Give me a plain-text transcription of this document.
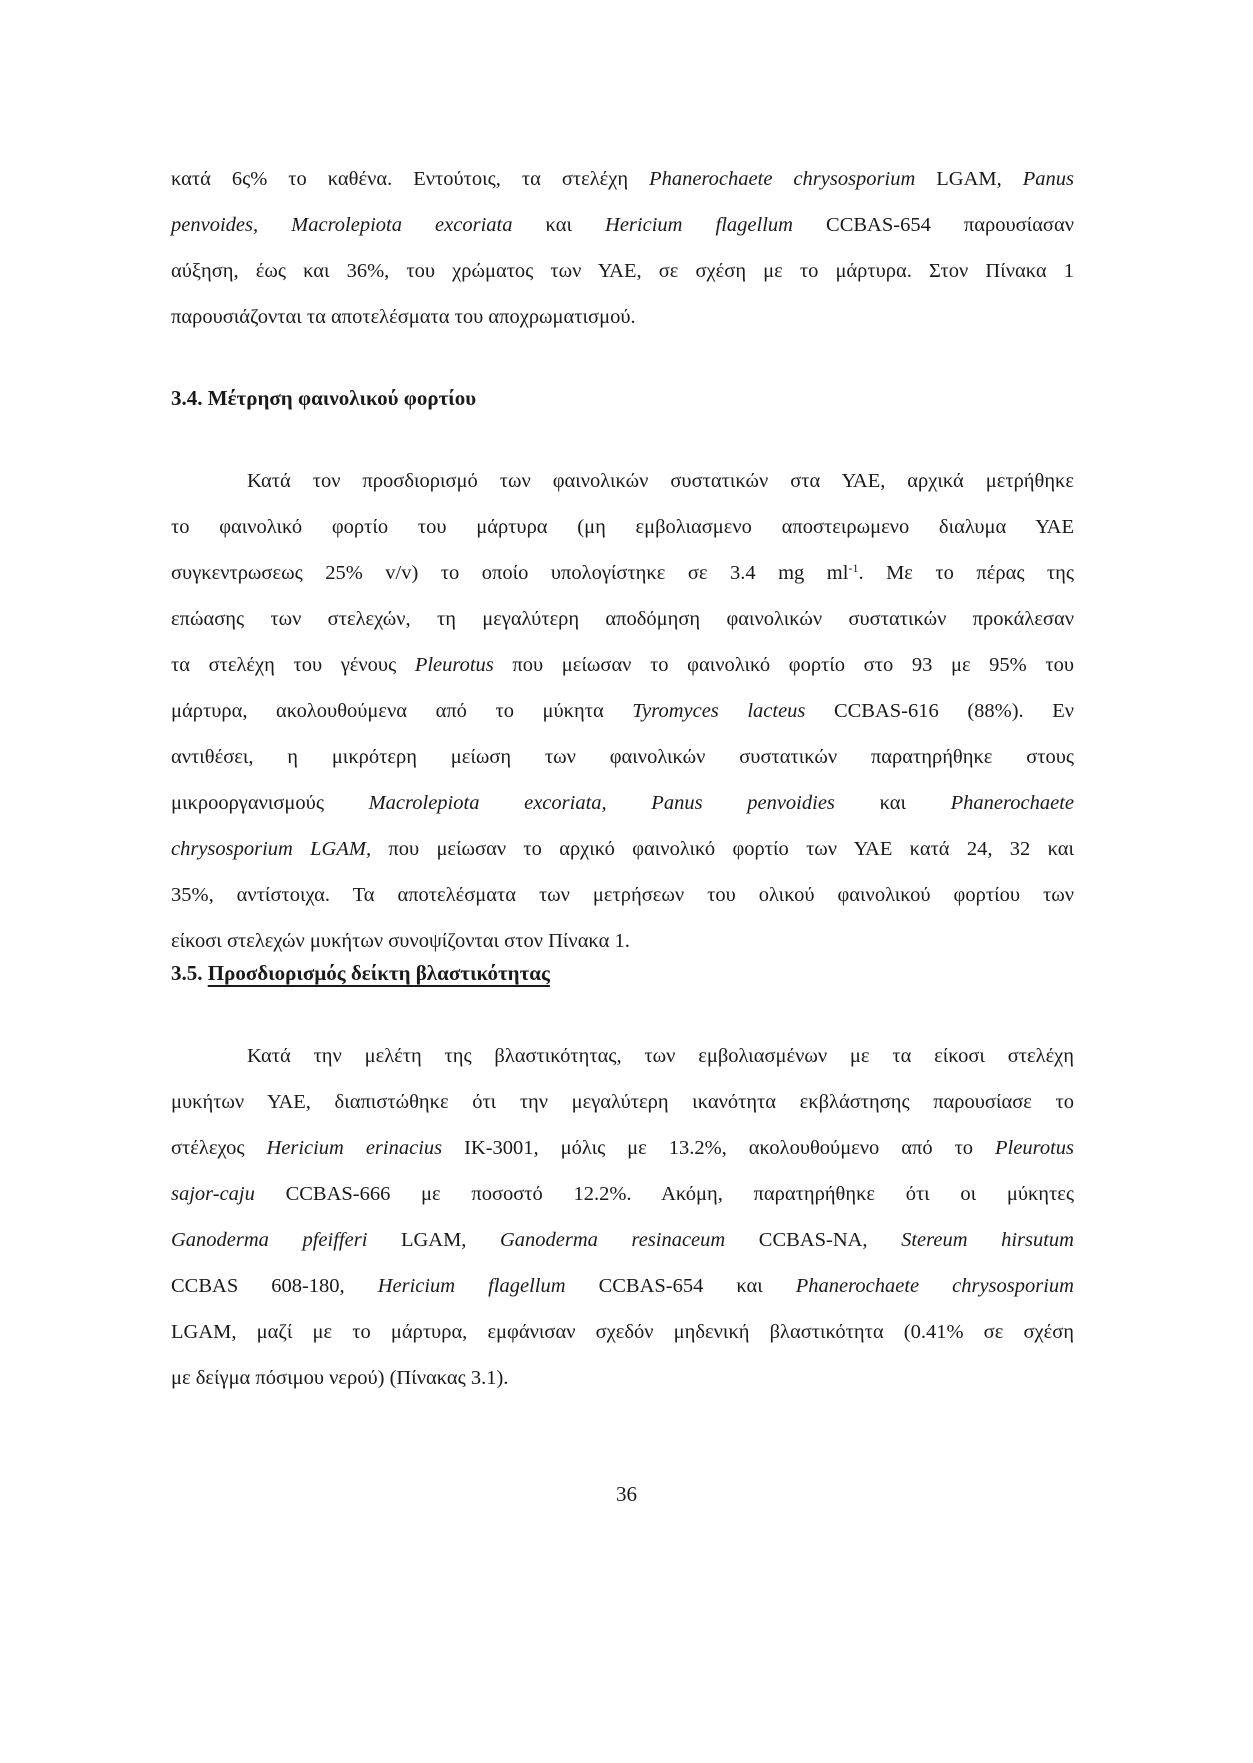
κατά 6ς% το καθένα. Εντούτοις, τα στελέχη Phanerochaete chrysosporium LGAM, Panus
penvoides, Macrolepiota excoriata και Hericium flagellum CCBAS-654 παρουσίασαν
αύξηση, έως και 36%, του χρώματος των ΥΑΕ, σε σχέση με το μάρτυρα. Στον Πίνακα 1
παρουσιάζονται τα αποτελέσματα του αποχρωματισμού.
3.4. Μέτρηση φαινολικού φορτίου
Κατά τον προσδιορισμό των φαινολικών συστατικών στα ΥΑΕ, αρχικά μετρήθηκε
το φαινολικό φορτίο του μάρτυρα (μη εμβολιασμενο αποστειρωμενο διαλυμα ΥΑΕ
συγκεντρωσεως 25% v/v) το οποίο υπολογίστηκε σε 3.4 mg $ml^{-1}$. Με το πέρας της
επώασης των στελεχών, τη μεγαλύτερη αποδόμηση φαινολικών συστατικών προκάλεσαν
τα στελέχη του γένους Pleurotus που μείωσαν το φαινολικό φορτίο στο 93 με 95% του
μάρτυρα, ακολουθούμενα από το μύκητα Tyromyces lacteus CCBAS-616 (88%). Εν
αντιθέσει, η μικρότερη μείωση των φαινολικών συστατικών παρατηρήθηκε στους
μικροοργανισμούς Macrolepiota excoriata, Panus penvoidies και Phanerochaete
chrysosporium LGAM, που μείωσαν το αρχικό φαινολικό φορτίο των ΥΑΕ κατά 24, 32 και
35%, αντίστοιχα. Τα αποτελέσματα των μετρήσεων του ολικού φαινολικού φορτίου των
είκοσι στελεχών μυκήτων συνοψίζονται στον Πίνακα 1.
3.5. Προσδιορισμός δείκτη βλαστικότητας
Κατά την μελέτη της βλαστικότητας, των εμβολιασμένων με τα είκοσι στελέχη
μυκήτων ΥΑΕ, διαπιστώθηκε ότι την μεγαλύτερη ικανότητα εκβλάστησης παρουσίασε το
στέλεχος Hericium erinacius IK-3001, μόλις με 13.2%, ακολουθούμενο από το Pleurotus
sajor-caju CCBAS-666 με ποσοστό 12.2%. Ακόμη, παρατηρήθηκε ότι οι μύκητες
Ganoderma pfeifferi LGAM, Ganoderma resinaceum CCBAS-NA, Stereum hirsutum
CCBAS 608-180, Hericium flagellum CCBAS-654 και Phanerochaete chrysosporium
LGAM, μαζί με το μάρτυρα, εμφάνισαν σχεδόν μηδενική βλαστικότητα (0.41% σε σχέση
με δείγμα πόσιμου νερού) (Πίνακας 3.1).
36
